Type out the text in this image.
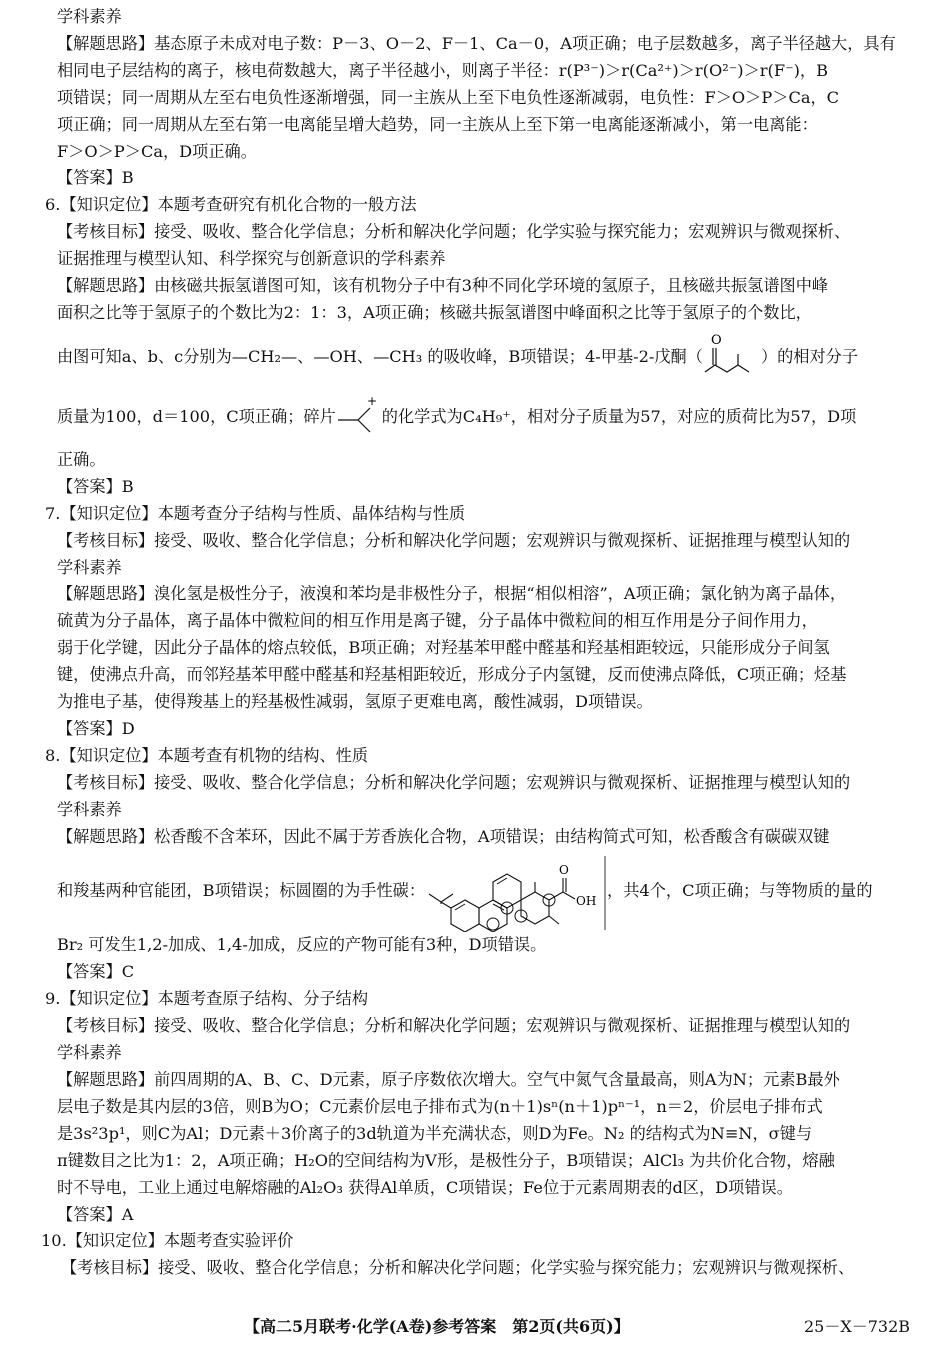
学科素养
【解题思路】基态原子未成对电子数：P－3、O－2、F－1、Ca－0，A项正确；电子层数越多，离子半径越大，具有
相同电子层结构的离子，核电荷数越大，离子半径越小，则离子半径：r(P³⁻)＞r(Ca²⁺)＞r(O²⁻)＞r(F⁻)，B
项错误；同一周期从左至右电负性逐渐增强，同一主族从上至下电负性逐渐减弱，电负性：F＞O＞P＞Ca，C
项正确；同一周期从左至右第一电离能呈增大趋势，同一主族从上至下第一电离能逐渐减小，第一电离能：
F＞O＞P＞Ca，D项正确。
【答案】B
6.【知识定位】本题考查研究有机化合物的一般方法
【考核目标】接受、吸收、整合化学信息；分析和解决化学问题；化学实验与探究能力；宏观辨识与微观探析、
证据推理与模型认知、科学探究与创新意识的学科素养
【解题思路】由核磁共振氢谱图可知，该有机物分子中有3种不同化学环境的氢原子，且核磁共振氢谱图中峰
面积之比等于氢原子的个数比为2：1：3，A项正确；核磁共振氢谱图中峰面积之比等于氢原子的个数比，
由图可知a、b、c分别为—CH₂—、—OH、—CH₃ 的吸收峰，B项错误；4-甲基-2-戊酮（
O
）的相对分子
质量为100，d＝100，C项正确；碎片
+
的化学式为C₄H₉⁺，相对分子质量为57，对应的质荷比为57，D项
正确。
【答案】B
7.【知识定位】本题考查分子结构与性质、晶体结构与性质
【考核目标】接受、吸收、整合化学信息；分析和解决化学问题；宏观辨识与微观探析、证据推理与模型认知的
学科素养
【解题思路】溴化氢是极性分子，液溴和苯均是非极性分子，根据“相似相溶”，A项正确；氯化钠为离子晶体，
硫黄为分子晶体，离子晶体中微粒间的相互作用是离子键，分子晶体中微粒间的相互作用是分子间作用力，
弱于化学键，因此分子晶体的熔点较低，B项正确；对羟基苯甲醛中醛基和羟基相距较远，只能形成分子间氢
键，使沸点升高，而邻羟基苯甲醛中醛基和羟基相距较近，形成分子内氢键，反而使沸点降低，C项正确；烃基
为推电子基，使得羧基上的羟基极性减弱，氢原子更难电离，酸性减弱，D项错误。
【答案】D
8.【知识定位】本题考查有机物的结构、性质
【考核目标】接受、吸收、整合化学信息；分析和解决化学问题；宏观辨识与微观探析、证据推理与模型认知的
学科素养
【解题思路】松香酸不含苯环，因此不属于芳香族化合物，A项错误；由结构简式可知，松香酸含有碳碳双键
和羧基两种官能团，B项错误；标圆圈的为手性碳：
O
OH
，共4个，C项正确；与等物质的量的
Br₂ 可发生1,2-加成、1,4-加成，反应的产物可能有3种，D项错误。
【答案】C
9.【知识定位】本题考查原子结构、分子结构
【考核目标】接受、吸收、整合化学信息；分析和解决化学问题；宏观辨识与微观探析、证据推理与模型认知的
学科素养
【解题思路】前四周期的A、B、C、D元素，原子序数依次增大。空气中氮气含量最高，则A为N；元素B最外
层电子数是其内层的3倍，则B为O；C元素价层电子排布式为(n＋1)sⁿ(n＋1)pⁿ⁻¹，n＝2，价层电子排布式
是3s²3p¹，则C为Al；D元素＋3价离子的3d轨道为半充满状态，则D为Fe。N₂ 的结构式为N≡N，σ键与
π键数目之比为1：2，A项正确；H₂O的空间结构为V形，是极性分子，B项错误；AlCl₃ 为共价化合物，熔融
时不导电，工业上通过电解熔融的Al₂O₃ 获得Al单质，C项错误；Fe位于元素周期表的d区，D项错误。
【答案】A
10.【知识定位】本题考查实验评价
【考核目标】接受、吸收、整合化学信息；分析和解决化学问题；化学实验与探究能力；宏观辨识与微观探析、
【高二5月联考·化学(A卷)参考答案　第2页(共6页)】	25－X－732B
